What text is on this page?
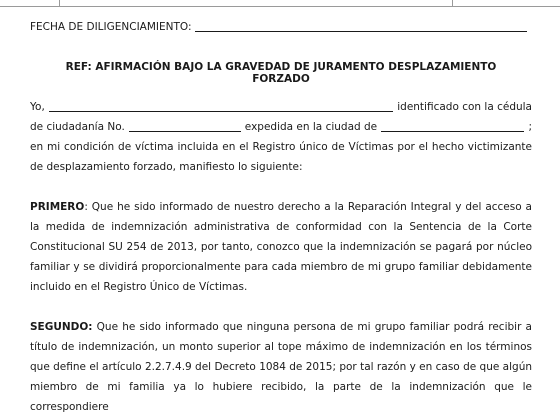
FECHA DE DILIGENCIAMIENTO:
REF: AFIRMACIÓN BAJO LA GRAVEDAD DE JURAMENTO DESPLAZAMIENTO FORZADO
Yo,	identificado con la cédula
de ciudadanía No.	expedida en la ciudad de	;
en mi condición de víctima incluida en el Registro único de Víctimas por el hecho victimizante de desplazamiento forzado, manifiesto lo siguiente:
PRIMERO: Que he sido informado de nuestro derecho a la Reparación Integral y del acceso a la medida de indemnización administrativa de conformidad con la Sentencia de la Corte Constitucional SU 254 de 2013, por tanto, conozco que la indemnización se pagará por núcleo familiar y se dividirá proporcionalmente para cada miembro de mi grupo familiar debidamente incluido en el Registro Único de Víctimas.
SEGUNDO: Que he sido informado que ninguna persona de mi grupo familiar podrá recibir a título de indemnización, un monto superior al tope máximo de indemnización en los términos que define el artículo 2.2.7.4.9 del Decreto 1084 de 2015; por tal razón y en caso de que algún miembro de mi familia ya lo hubiere recibido, la parte de la indemnización que le correspondiere
